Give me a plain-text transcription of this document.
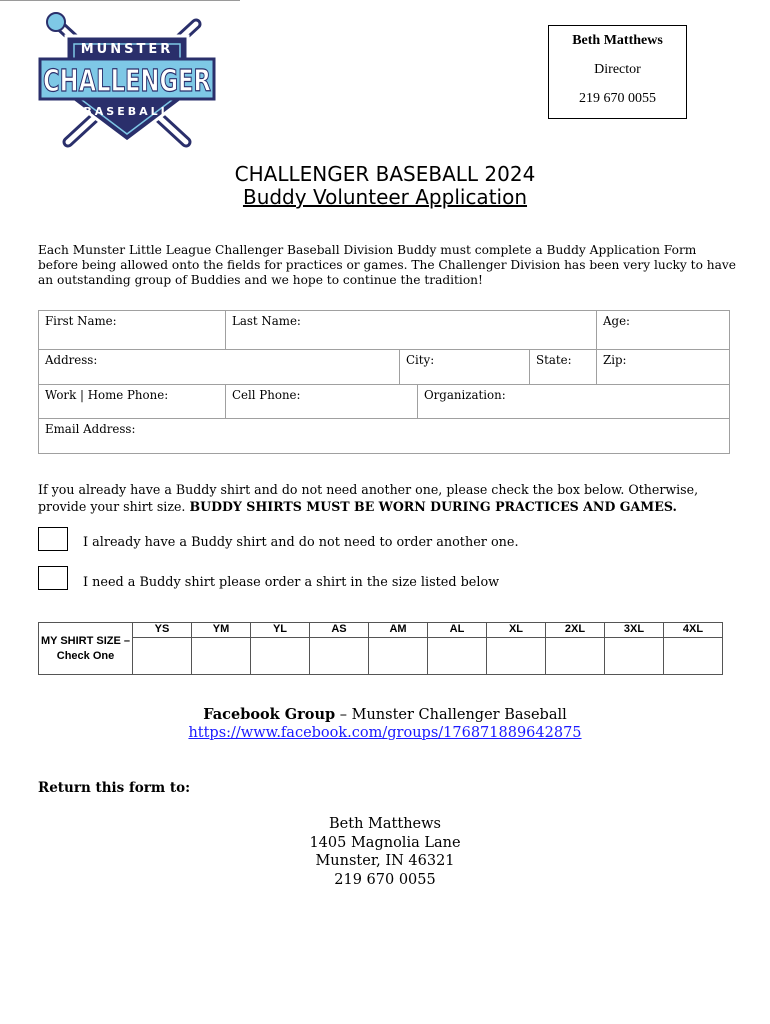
MUNSTER
CHALLENGER
BASEBALL
Beth Matthews
Director
219 670 0055
CHALLENGER BASEBALL 2024
Buddy Volunteer Application
Each Munster Little League Challenger Baseball Division Buddy must complete a Buddy Application Form before being allowed onto the fields for practices or games. The Challenger Division has been very lucky to have an outstanding group of Buddies and we hope to continue the tradition!
First Name:	Last Name:	Age:
Address:	City:	State:	Zip:
Work | Home Phone:	Cell Phone:	Organization:
Email Address:
If you already have a Buddy shirt and do not need another one, please check the box below. Otherwise, provide your shirt size. BUDDY SHIRTS MUST BE WORN DURING PRACTICES AND GAMES.
I already have a Buddy shirt and do not need to order another one.
I need a Buddy shirt please order a shirt in the size listed below
MY SHIRT SIZE – Check One	YS	YM	YL	AS	AM	AL	XL	2XL	3XL	4XL

Facebook Group – Munster Challenger Baseball
https://www.facebook.com/groups/176871889642875
Return this form to:
Beth Matthews
1405 Magnolia Lane
Munster, IN 46321
219 670 0055
